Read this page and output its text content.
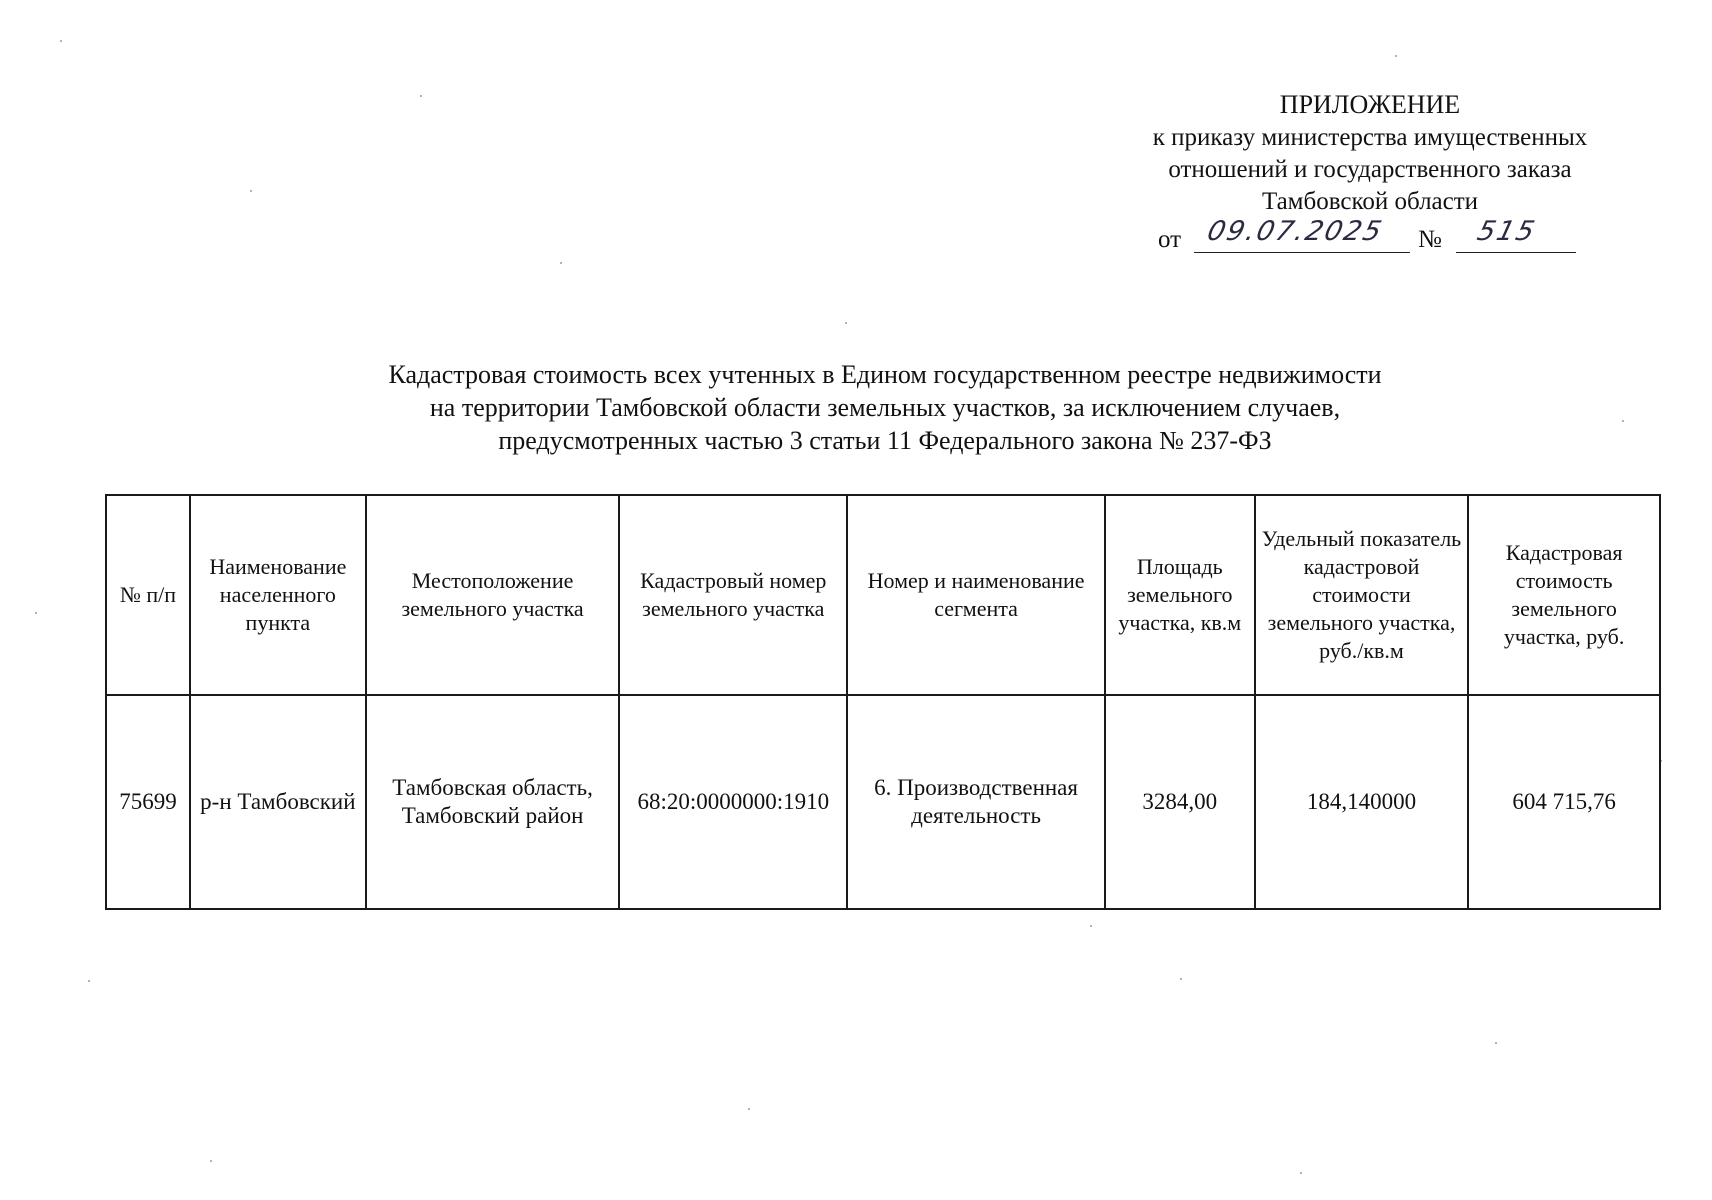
ПРИЛОЖЕНИЕ
к приказу министерства имущественных
отношений и государственного заказа
Тамбовской области
от 09.07.2025 № 515
Кадастровая стоимость всех учтенных в Едином государственном реестре недвижимости
на территории Тамбовской области земельных участков, за исключением случаев,
предусмотренных частью 3 статьи 11 Федерального закона № 237-ФЗ
№ п/п	Наименование населенного пункта	Местоположение земельного участка	Кадастровый номер земельного участка	Номер и наименование сегмента	Площадь земельного участка, кв.м	Удельный показатель кадастровой стоимости земельного участка, руб./кв.м	Кадастровая стоимость земельного участка, руб.
75699	р-н Тамбовский	Тамбовская область, Тамбовский район	68:20:0000000:1910	6. Производственная деятельность	3284,00	184,140000	604 715,76
